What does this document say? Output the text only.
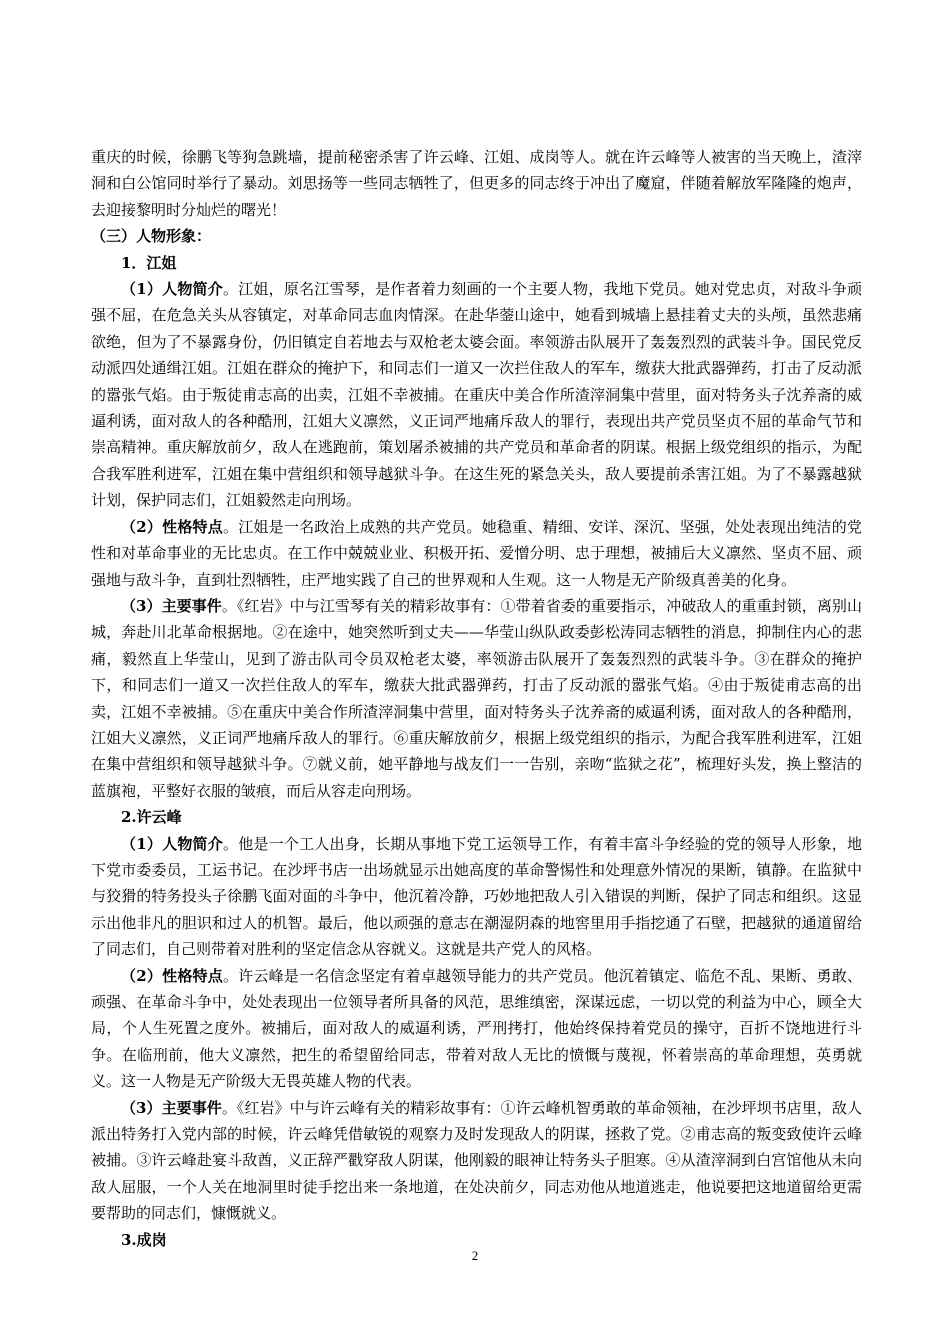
重庆的时候，徐鹏飞等狗急跳墙，提前秘密杀害了许云峰、江姐、成岗等人。就在许云峰等人被害的当天晚上，渣滓洞和白公馆同时举行了暴动。刘思扬等一些同志牺牲了，但更多的同志终于冲出了魔窟，伴随着解放军隆隆的炮声，去迎接黎明时分灿烂的曙光！

（三）人物形象：

1．江姐

（1）人物简介。江姐，原名江雪琴，是作者着力刻画的一个主要人物，我地下党员。她对党忠贞，对敌斗争顽强不屈，在危急关头从容镇定，对革命同志血肉情深。在赴华蓥山途中，她看到城墙上悬挂着丈夫的头颅，虽然悲痛欲绝，但为了不暴露身份，仍旧镇定自若地去与双枪老太婆会面。率领游击队展开了轰轰烈烈的武装斗争。国民党反动派四处通缉江姐。江姐在群众的掩护下，和同志们一道又一次拦住敌人的军车，缴获大批武器弹药，打击了反动派的嚣张气焰。由于叛徒甫志高的出卖，江姐不幸被捕。在重庆中美合作所渣滓洞集中营里，面对特务头子沈养斋的威逼利诱，面对敌人的各种酷刑，江姐大义凛然，义正词严地痛斥敌人的罪行，表现出共产党员坚贞不屈的革命气节和崇高精神。重庆解放前夕，敌人在逃跑前，策划屠杀被捕的共产党员和革命者的阴谋。根据上级党组织的指示，为配合我军胜利进军，江姐在集中营组织和领导越狱斗争。在这生死的紧急关头，敌人要提前杀害江姐。为了不暴露越狱计划，保护同志们，江姐毅然走向刑场。

（2）性格特点。江姐是一名政治上成熟的共产党员。她稳重、精细、安详、深沉、坚强，处处表现出纯洁的党性和对革命事业的无比忠贞。在工作中兢兢业业、积极开拓、爱憎分明、忠于理想，被捕后大义凛然、坚贞不屈、顽强地与敌斗争，直到壮烈牺牲，庄严地实践了自己的世界观和人生观。这一人物是无产阶级真善美的化身。

（3）主要事件。《红岩》中与江雪琴有关的精彩故事有：①带着省委的重要指示，冲破敌人的重重封锁，离别山城，奔赴川北革命根据地。②在途中，她突然听到丈夫——华莹山纵队政委彭松涛同志牺牲的消息，抑制住内心的悲痛，毅然直上华莹山，见到了游击队司令员双枪老太婆，率领游击队展开了轰轰烈烈的武装斗争。③在群众的掩护下，和同志们一道又一次拦住敌人的军车，缴获大批武器弹药，打击了反动派的嚣张气焰。④由于叛徒甫志高的出卖，江姐不幸被捕。⑤在重庆中美合作所渣滓洞集中营里，面对特务头子沈养斋的威逼利诱，面对敌人的各种酷刑，江姐大义凛然，义正词严地痛斥敌人的罪行。⑥重庆解放前夕，根据上级党组织的指示，为配合我军胜利进军，江姐在集中营组织和领导越狱斗争。⑦就义前，她平静地与战友们一一告别，亲吻“监狱之花”，梳理好头发，换上整洁的蓝旗袍，平整好衣服的皱痕，而后从容走向刑场。

2.许云峰

（1）人物简介。他是一个工人出身，长期从事地下党工运领导工作，有着丰富斗争经验的党的领导人形象，地下党市委委员，工运书记。在沙坪书店一出场就显示出她高度的革命警惕性和处理意外情况的果断，镇静。在监狱中与狡猾的特务投头子徐鹏飞面对面的斗争中，他沉着冷静，巧妙地把敌人引入错误的判断，保护了同志和组织。这显示出他非凡的胆识和过人的机智。最后，他以顽强的意志在潮湿阴森的地窖里用手指挖通了石壁，把越狱的通道留给了同志们，自己则带着对胜利的坚定信念从容就义。这就是共产党人的风格。

（2）性格特点。许云峰是一名信念坚定有着卓越领导能力的共产党员。他沉着镇定、临危不乱、果断、勇敢、顽强、在革命斗争中，处处表现出一位领导者所具备的风范，思维缜密，深谋远虑，一切以党的利益为中心，顾全大局，个人生死置之度外。被捕后，面对敌人的威逼利诱，严刑拷打，他始终保持着党员的操守，百折不饶地进行斗争。在临刑前，他大义凛然，把生的希望留给同志，带着对敌人无比的愤慨与蔑视，怀着崇高的革命理想，英勇就义。这一人物是无产阶级大无畏英雄人物的代表。

（3）主要事件。《红岩》中与许云峰有关的精彩故事有：①许云峰机智勇敢的革命领袖，在沙坪坝书店里，敌人派出特务打入党内部的时候，许云峰凭借敏锐的观察力及时发现敌人的阴谋，拯救了党。②甫志高的叛变致使许云峰被捕。③许云峰赴宴斗敌酋，义正辞严戳穿敌人阴谋，他刚毅的眼神让特务头子胆寒。④从渣滓洞到白宫馆他从未向敌人屈服，一个人关在地洞里时徒手挖出来一条地道，在处决前夕，同志劝他从地道逃走，他说要把这地道留给更需要帮助的同志们，慷慨就义。

3.成岗

2
